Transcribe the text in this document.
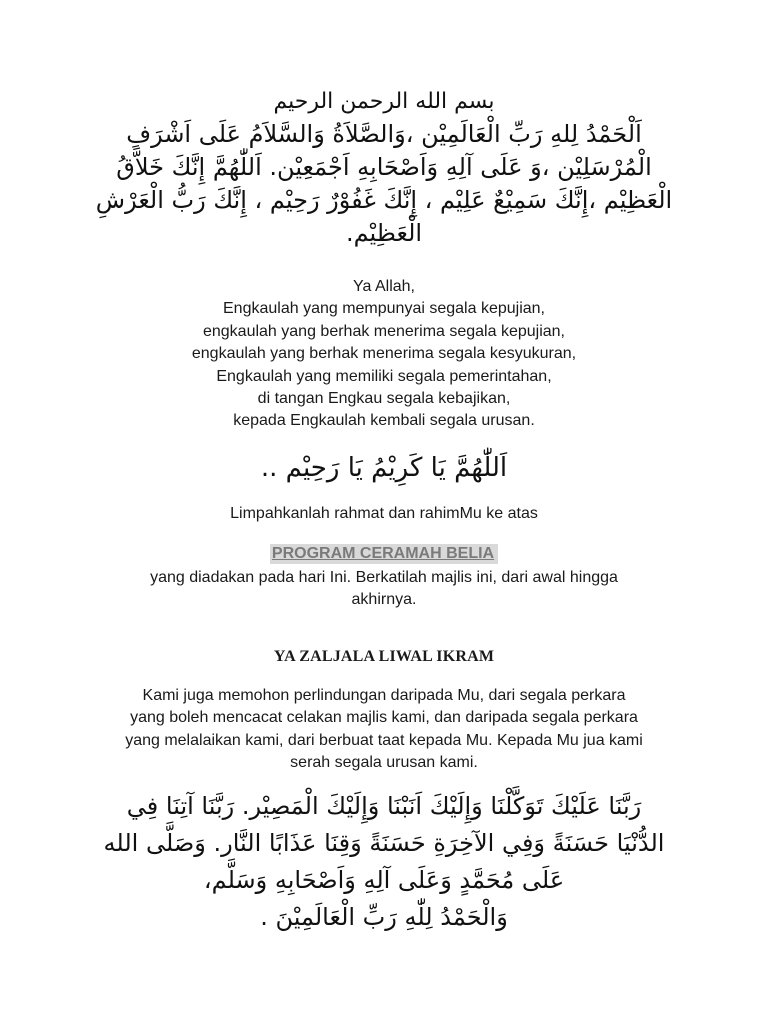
بسم الله الرحمن الرحيم
اَلْحَمْدُ لِلهِ رَبِّ الْعَالَمِيْن ،وَالصَّلاَةُ وَالسَّلاَمُ عَلَى اَشْرَفِ
الْمُرْسَلِيْن ،وَ عَلَى آلِهِ وَاَصْحَابِهِ اَجْمَعِيْن. اَللّٰهُمَّ إِنَّكَ خَلاَّقُ
الْعَظِيْم ،إِنَّكَ سَمِيْعٌ عَلِيْم ، إِنَّكَ غَفُوْرٌ رَحِيْم ، إِنَّكَ رَبُّ الْعَرْشِ
الْعَظِيْم.
Ya Allah,
Engkaulah yang mempunyai segala kepujian,
engkaulah yang berhak menerima segala kepujian,
engkaulah yang berhak menerima segala kesyukuran,
Engkaulah yang memiliki segala pemerintahan,
di tangan Engkau segala kebajikan,
kepada Engkaulah kembali segala urusan.
اَللّٰهُمَّ يَا كَرِيْمُ يَا رَحِيْم ..
Limpahkanlah rahmat dan rahimMu ke atas
PROGRAM CERAMAH BELIA
yang diadakan pada hari Ini. Berkatilah majlis ini, dari awal hingga
akhirnya.
YA ZALJALA LIWAL IKRAM
Kami juga memohon perlindungan daripada Mu, dari segala perkara
yang boleh mencacat celakan majlis kami, dan daripada segala perkara
yang melalaikan kami, dari berbuat taat kepada Mu. Kepada Mu jua kami
serah segala urusan kami.
رَبَّنَا عَلَيْكَ تَوَكَّلْنَا وَإِلَيْكَ اَنَبْنَا وَإِلَيْكَ الْمَصِيْر. رَبَّنَا آتِنَا فِي
الدُّنْيَا حَسَنَةً وَفِي الآخِرَةِ حَسَنَةً وَقِنَا عَذَابًا النَّار. وَصَلَّى الله
عَلَى مُحَمَّدٍ وَعَلَى آلِهِ وَاَصْحَابِهِ وَسَلَّم،
وَالْحَمْدُ لِلّٰهِ رَبِّ الْعَالَمِيْنَ .
